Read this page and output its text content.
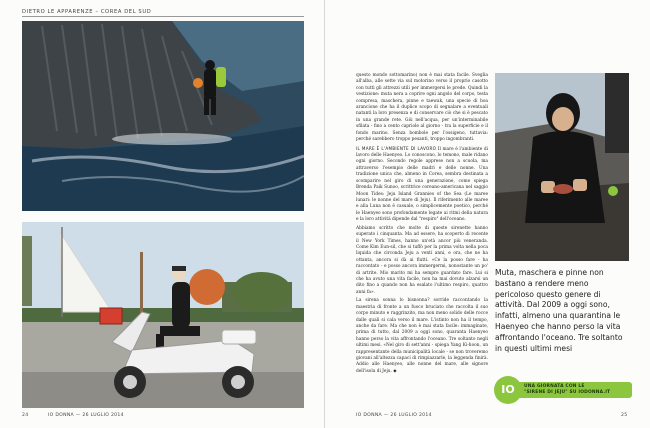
DIETRO LE APPARENZE – COREA DEL SUD
24	IO DONNA — 26 LUGLIO 2014

questo mondo sottomarino) non è mai stata facile. Sveglia all'alba, alle sette via sul motorino verso il proprio casotto con tutti gli attrezzi utili per immergersi le prede. Quindi la vestizione: muta nera a coprire ogni angolo del corpo, testa compresa, maschera, pinne e taewak, una specie di boa arancione che ha il duplice scopo di segnalare a eventuali natanti la loro presenza e di conservare ciò che si è pescato in una grande rete. Giù nell'acqua, per un'interminabile sfilata - fino a cento capriole al giorno - tra la superficie e il fondo marino. Senza bombole per l'ossigeno, tuttavia: perché sarebbero troppo pesanti, troppo ingombranti.

IL MARE È L'AMBIENTE DI LAVORO Il mare è l'ambiente di lavoro delle Haenyeo. Lo conoscono, lo temono, male ridano ogni giorno. Secondo regole apprese non a scuola, ma attraverso l'esempio delle madri e delle nonne. Una tradizione unica che, almeno in Corea, sembra destinata a scomparire nel giro di una generazione, come spiega Brenda Paik Sunoo, scrittrice coreano-americana nel saggio Moon Tides: Jeju Island Grannies of the Sea (Le maree lunari: le nonne del mare di Jeju). Il riferimento alle maree e alla Luna non è casuale, o simplicemente poetico, perché le Haenyeo sono profondamente legate ai ritmi della natura e la loro attività dipende dal "respiro" dell'oceano.

Abbiamo scritto che molte di queste sirenette hanno superato i cinquanta. Ma ad essere, ha scoperto di recente il New York Times, hanno un'età ancor più veneranda. Come Kim Eun-sil, che si tuffò per la prima volta nella poca liquida che circonda Jeju a venti anni, e ora, che ne ha ottanta, ancora si dà ai flutti. «Ce la posso fare - ha raccontato - e posso ancora immergermi, nonostante un po' di artrite. Mio marito mi ha sempre guardato fare. Lui si che ha avuto una vita facile, non ha mai dovuto alzarsi un dito fino a quando non ha esalato l'ultimo respiro, quattro anni fa».

La sirena sonna lo bisnonna? sorride raccontando la maestria di fronte a un fuoco bruciato che raccolta il suo corpo minuto e raggrinzito, ma non meno solido delle rocce dalle quali si cala verso il mare. L'istinto non ha il tempo, anche da fare. Ma che non è mai stata facile: immaginate, prima di tutto, dal 2009 a oggi sono, quaranta Haenyeo hanno perso la vita affrontando l'oceano. Tre soltanto negli ultimi mesi. «Nel giro di sett'anni - spiega Yang Ki-hoon, un rappresentante della municipalità locale - se non troveremo giovani all'altezza capaci di rimpiazzarle, la leggenda finirà. Addio alle Haenyeo, alle nonne del mare, alle signore dell'isola di Jeju. ◆

Muta, maschera e pinne non bastano a rendere meno pericoloso questo genere di attività. Dal 2009 a oggi sono, infatti, almeno una quarantina le Haenyeo che hanno perso la vita affrontando l'oceano. Tre soltanto in questi ultimi mesi
IO	UNA GIORNATA CON LE
"SIRENE DI JEJU" SU IODONNA.IT
IO DONNA — 26 LUGLIO 2014	25
